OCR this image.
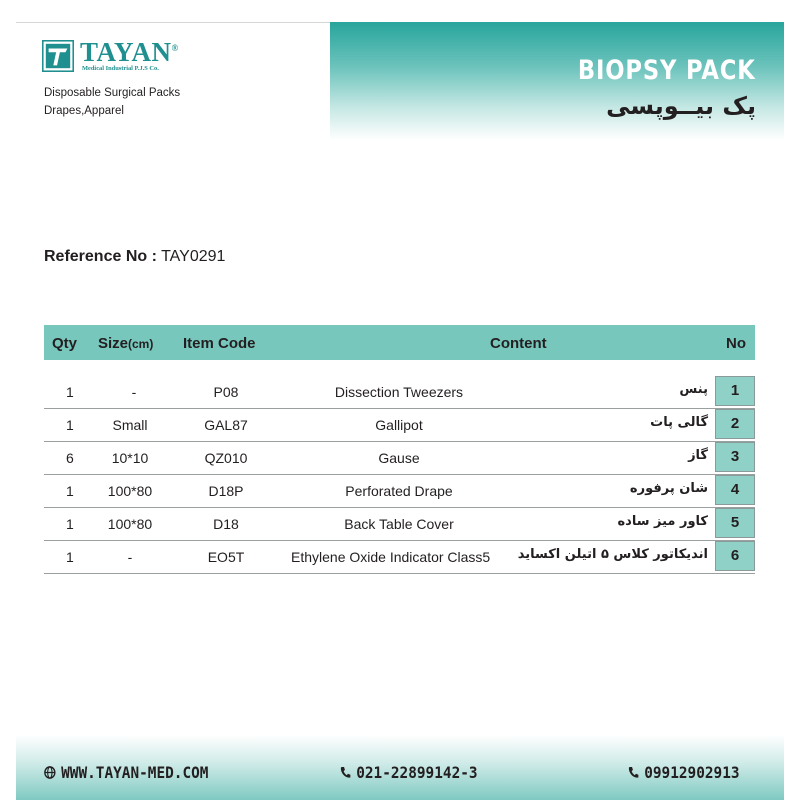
TAYAN®
Medical Industrial P.J.S Co.
Disposable Surgical Packs
Drapes,Apparel
BIOPSY PACK
پک بیــوپسی
Reference No : TAY0291
Qty Size(cm) Item Code	Content	No
1	-	P08	Dissection Tweezers	پنس	1
1	Small	GAL87	Gallipot	گالی پات	2
6	10*10	QZ010	Gause	گاز	3
1 100*80	D18P	Perforated Drape	شان پرفوره	4
1 100*80	D18	Back Table Cover	کاور میز ساده	5
1	-	EO5T	Ethylene Oxide Indicator Class5 اندیکاتور کلاس ۵ اتیلن اکساید	6
WWW.TAYAN-MED.COM	021-22899142-3	09912902913
